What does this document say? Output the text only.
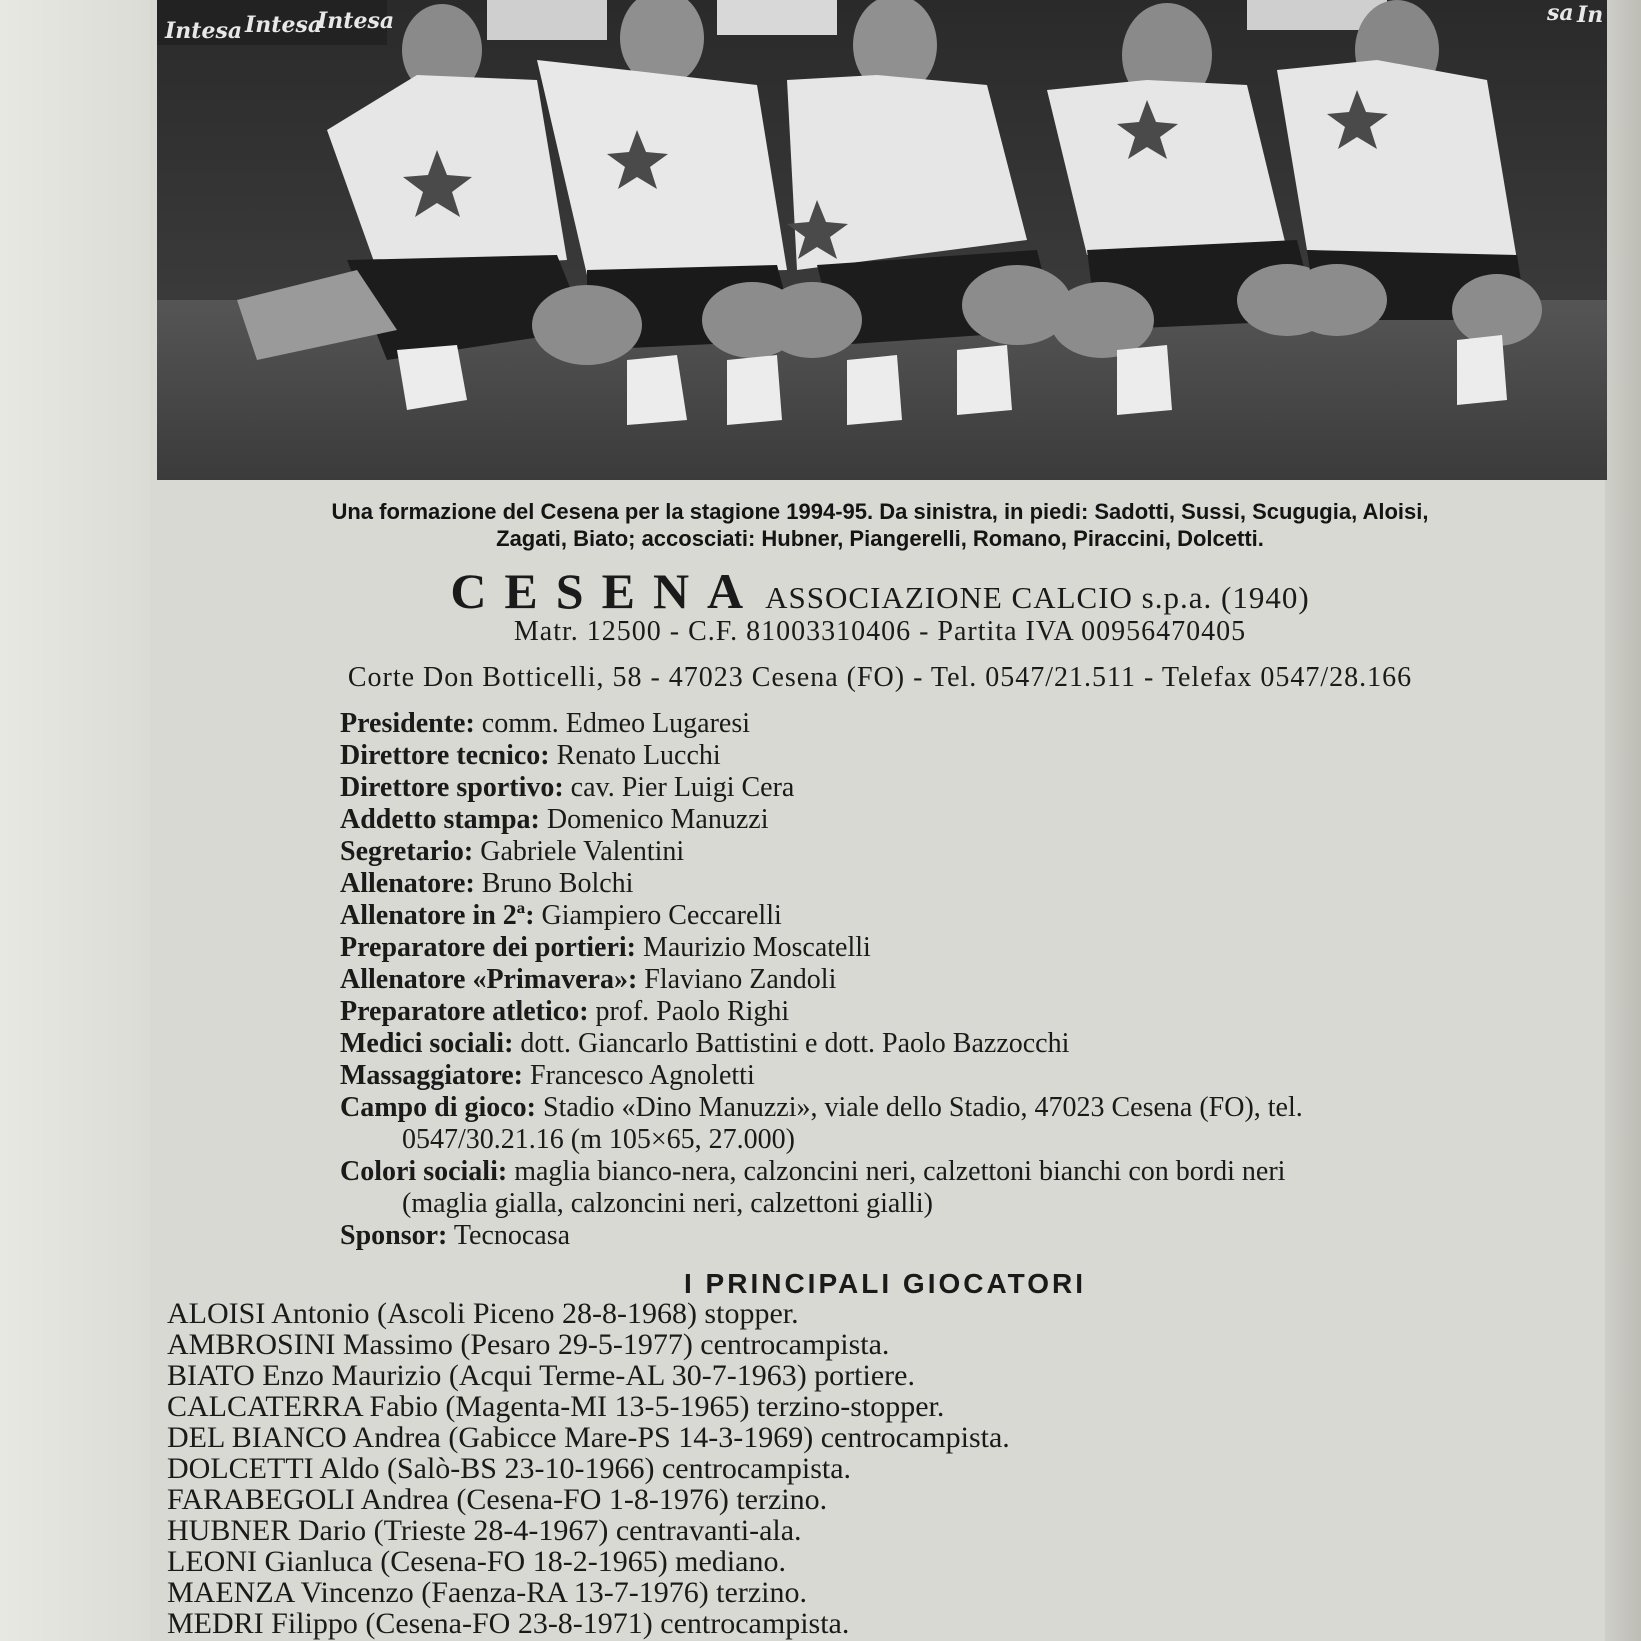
Intesa Intesa
Intesa	sa In
Una formazione del Cesena per la stagione 1994-95. Da sinistra, in piedi: Sadotti, Sussi, Scugugia, Aloisi,
Zagati, Biato; accosciati: Hubner, Piangerelli, Romano, Piraccini, Dolcetti.
CESENA ASSOCIAZIONE CALCIO s.p.a. (1940)
Matr. 12500 - C.F. 81003310406 - Partita IVA 00956470405
Corte Don Botticelli, 58 - 47023 Cesena (FO) - Tel. 0547/21.511 - Telefax 0547/28.166
Presidente: comm. Edmeo Lugaresi
Direttore tecnico: Renato Lucchi
Direttore sportivo: cav. Pier Luigi Cera
Addetto stampa: Domenico Manuzzi
Segretario: Gabriele Valentini
Allenatore: Bruno Bolchi
Allenatore in 2ª: Giampiero Ceccarelli
Preparatore dei portieri: Maurizio Moscatelli
Allenatore «Primavera»: Flaviano Zandoli
Preparatore atletico: prof. Paolo Righi
Medici sociali: dott. Giancarlo Battistini e dott. Paolo Bazzocchi
Massaggiatore: Francesco Agnoletti
Campo di gioco: Stadio «Dino Manuzzi», viale dello Stadio, 47023 Cesena (FO), tel.
0547/30.21.16 (m 105×65, 27.000)
Colori sociali: maglia bianco-nera, calzoncini neri, calzettoni bianchi con bordi neri
(maglia gialla, calzoncini neri, calzettoni gialli)
Sponsor: Tecnocasa
I PRINCIPALI GIOCATORI
ALOISI Antonio (Ascoli Piceno 28-8-1968) stopper.
AMBROSINI Massimo (Pesaro 29-5-1977) centrocampista.
BIATO Enzo Maurizio (Acqui Terme-AL 30-7-1963) portiere.
CALCATERRA Fabio (Magenta-MI 13-5-1965) terzino-stopper.
DEL BIANCO Andrea (Gabicce Mare-PS 14-3-1969) centrocampista.
DOLCETTI Aldo (Salò-BS 23-10-1966) centrocampista.
FARABEGOLI Andrea (Cesena-FO 1-8-1976) terzino.
HUBNER Dario (Trieste 28-4-1967) centravanti-ala.
LEONI Gianluca (Cesena-FO 18-2-1965) mediano.
MAENZA Vincenzo (Faenza-RA 13-7-1976) terzino.
MEDRI Filippo (Cesena-FO 23-8-1971) centrocampista.
